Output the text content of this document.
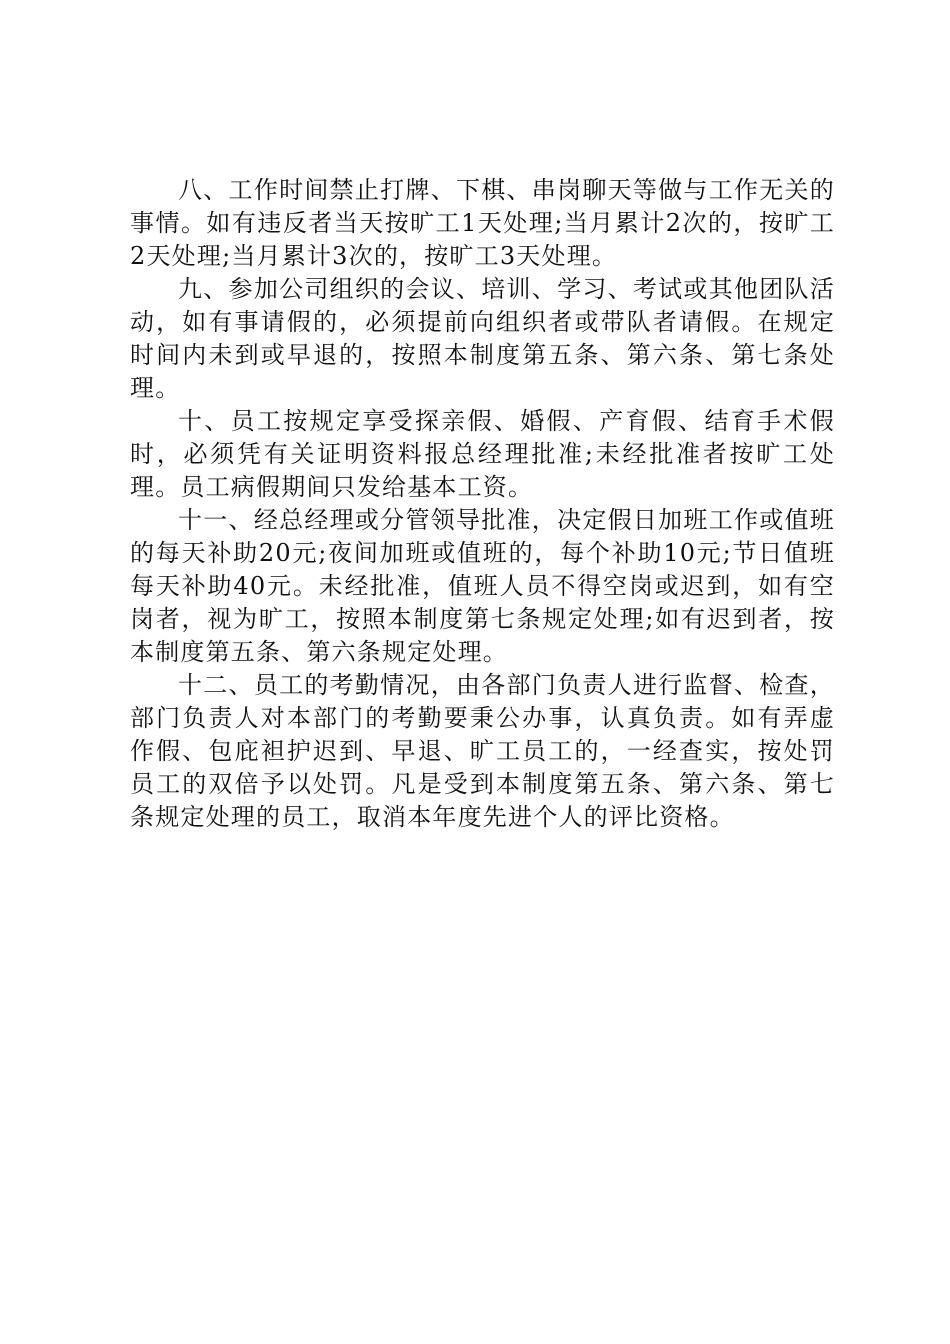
八、工作时间禁止打牌、下棋、串岗聊天等做与工作无关的事情。如有违反者当天按旷工1天处理;当月累计2次的，按旷工2天处理;当月累计3次的，按旷工3天处理。

九、参加公司组织的会议、培训、学习、考试或其他团队活动，如有事请假的，必须提前向组织者或带队者请假。在规定时间内未到或早退的，按照本制度第五条、第六条、第七条处理。

十、员工按规定享受探亲假、婚假、产育假、结育手术假时，必须凭有关证明资料报总经理批准;未经批准者按旷工处理。员工病假期间只发给基本工资。

十一、经总经理或分管领导批准，决定假日加班工作或值班的每天补助20元;夜间加班或值班的，每个补助10元;节日值班每天补助40元。未经批准，值班人员不得空岗或迟到，如有空岗者，视为旷工，按照本制度第七条规定处理;如有迟到者，按本制度第五条、第六条规定处理。

十二、员工的考勤情况，由各部门负责人进行监督、检查，部门负责人对本部门的考勤要秉公办事，认真负责。如有弄虚作假、包庇袒护迟到、早退、旷工员工的，一经查实，按处罚员工的双倍予以处罚。凡是受到本制度第五条、第六条、第七条规定处理的员工，取消本年度先进个人的评比资格。
